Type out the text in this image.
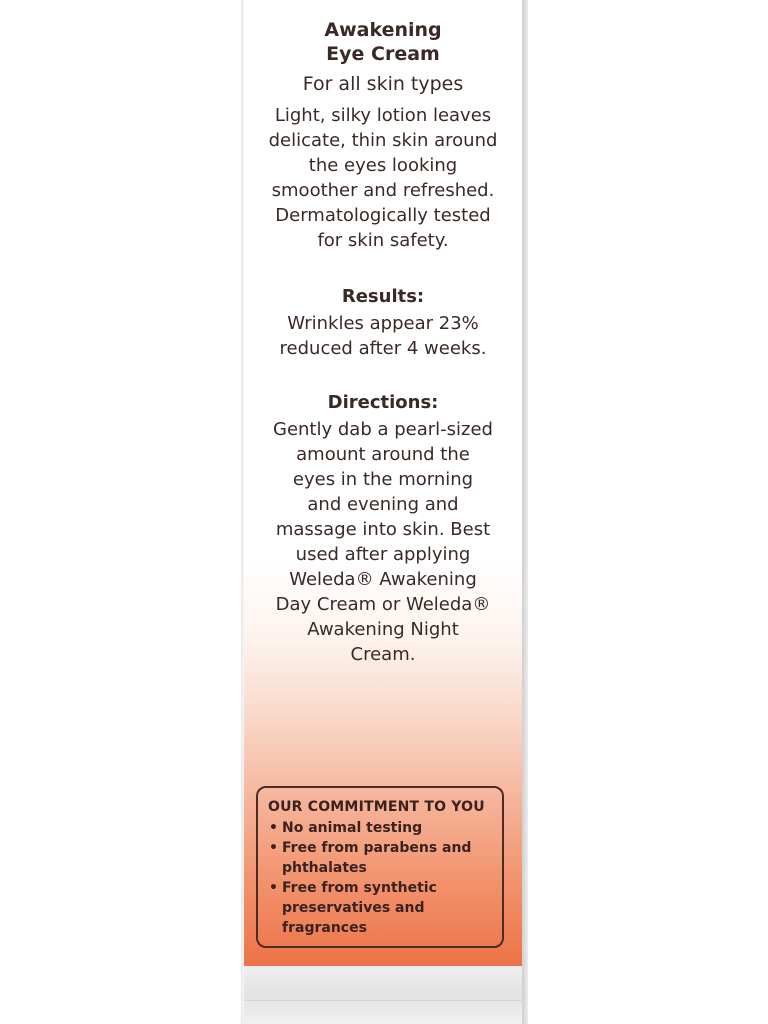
Awakening
Eye Cream
For all skin types
Light, silky lotion leaves
delicate, thin skin around
the eyes looking
smoother and refreshed.
Dermatologically tested
for skin safety.
Results:
Wrinkles appear 23%
reduced after 4 weeks.
Directions:
Gently dab a pearl-sized
amount around the
eyes in the morning
and evening and
massage into skin. Best
used after applying
Weleda® Awakening
Day Cream or Weleda®
Awakening Night
Cream.
OUR COMMITMENT TO YOU
• No animal testing
• Free from parabens and
phthalates
• Free from synthetic
preservatives and
fragrances
